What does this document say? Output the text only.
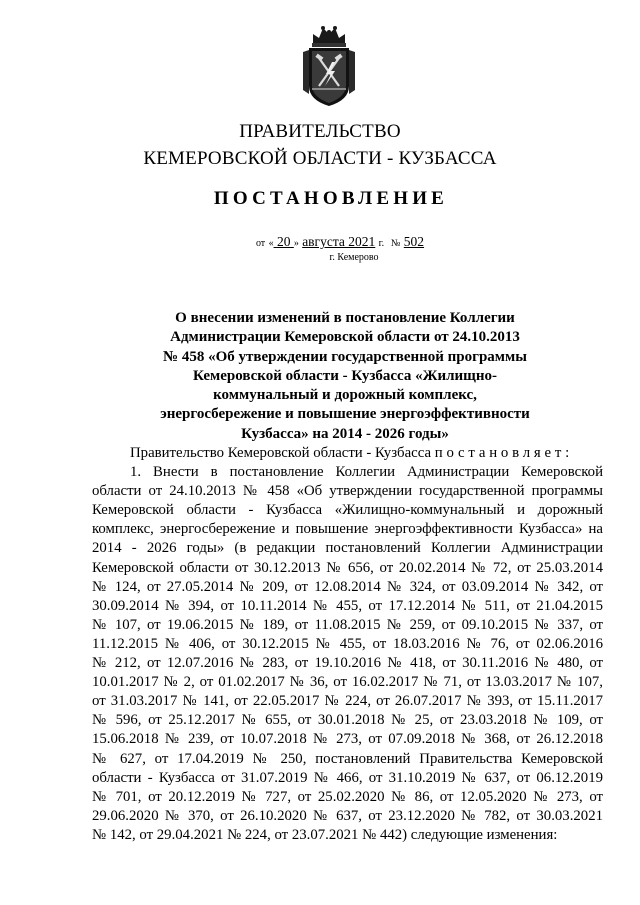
ПРАВИТЕЛЬСТВО
КЕМЕРОВСКОЙ ОБЛАСТИ - КУЗБАССА
ПОСТАНОВЛЕНИЕ
от « 20 » августа 2021 г. № 502
г. Кемерово
О внесении изменений в постановление Коллегии
Администрации Кемеровской области от 24.10.2013
№ 458 «Об утверждении государственной программы
Кемеровской области - Кузбасса «Жилищно-
коммунальный и дорожный комплекс,
энергосбережение и повышение энергоэффективности
Кузбасса» на 2014 - 2026 годы»
Правительство Кемеровской области - Кузбасса постановляет:
1. Внести в постановление Коллегии Администрации Кемеровской
области от 24.10.2013 № 458 «Об утверждении государственной программы
Кемеровской области - Кузбасса «Жилищно-коммунальный и дорожный
комплекс, энергосбережение и повышение энергоэффективности Кузбасса» на
2014 - 2026 годы» (в редакции постановлений Коллегии Администрации
Кемеровской области от 30.12.2013 № 656, от 20.02.2014 № 72, от 25.03.2014
№ 124, от 27.05.2014 № 209, от 12.08.2014 № 324, от 03.09.2014 № 342, от
30.09.2014 № 394, от 10.11.2014 № 455, от 17.12.2014 № 511, от 21.04.2015
№ 107, от 19.06.2015 № 189, от 11.08.2015 № 259, от 09.10.2015 № 337, от
11.12.2015 № 406, от 30.12.2015 № 455, от 18.03.2016 № 76, от 02.06.2016
№ 212, от 12.07.2016 № 283, от 19.10.2016 № 418, от 30.11.2016 № 480, от
10.01.2017 № 2, от 01.02.2017 № 36, от 16.02.2017 № 71, от 13.03.2017 № 107,
от 31.03.2017 № 141, от 22.05.2017 № 224, от 26.07.2017 № 393, от 15.11.2017
№ 596, от 25.12.2017 № 655, от 30.01.2018 № 25, от 23.03.2018 № 109, от
15.06.2018 № 239, от 10.07.2018 № 273, от 07.09.2018 № 368, от 26.12.2018
№ 627, от 17.04.2019 № 250, постановлений Правительства Кемеровской
области - Кузбасса от 31.07.2019 № 466, от 31.10.2019 № 637, от 06.12.2019
№ 701, от 20.12.2019 № 727, от 25.02.2020 № 86, от 12.05.2020 № 273, от
29.06.2020 № 370, от 26.10.2020 № 637, от 23.12.2020 № 782, от 30.03.2021
№ 142, от 29.04.2021 № 224, от 23.07.2021 № 442) следующие изменения:
